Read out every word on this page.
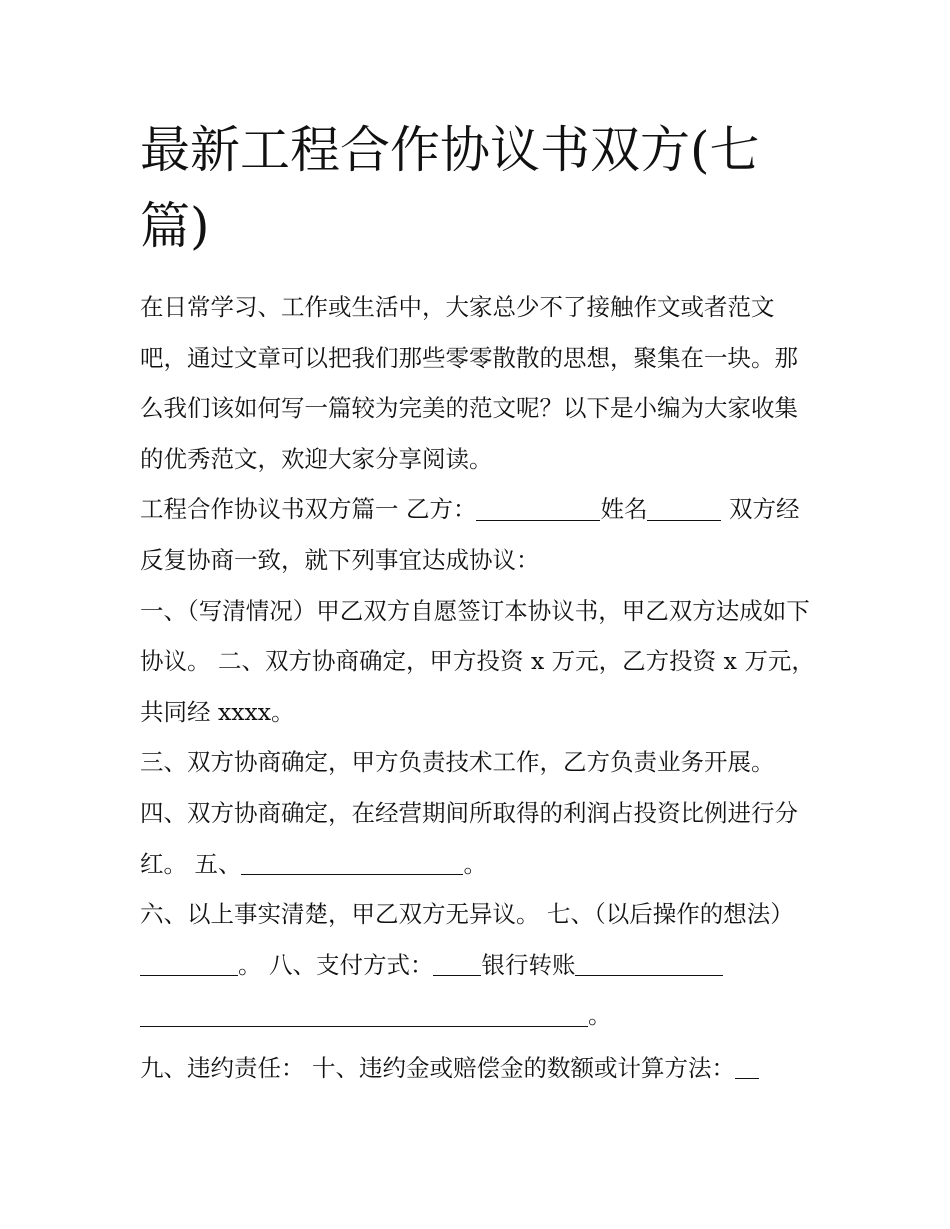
最新工程合作协议书双方(七篇)

在日常学习、工作或生活中，大家总少不了接触作文或者范文吧，通过文章可以把我们那些零零散散的思想，聚集在一块。那么我们该如何写一篇较为完美的范文呢？以下是小编为大家收集的优秀范文，欢迎大家分享阅读。

工程合作协议书双方篇一 乙方：	姓名	双方经反复协商一致，就下列事宜达成协议：

一、（写清情况）甲乙双方自愿签订本协议书，甲乙双方达成如下协议。 二、双方协商确定，甲方投资 x 万元，乙方投资 x 万元，共同经 xxxx。

三、双方协商确定，甲方负责技术工作，乙方负责业务开展。

四、双方协商确定，在经营期间所取得的利润占投资比例进行分红。 五、	。

六、以上事实清楚，甲乙双方无异议。 七、（以后操作的想法）。 八、支付方式： 银行转账。

九、违约责任： 十、违约金或赔偿金的数额或计算方法：
